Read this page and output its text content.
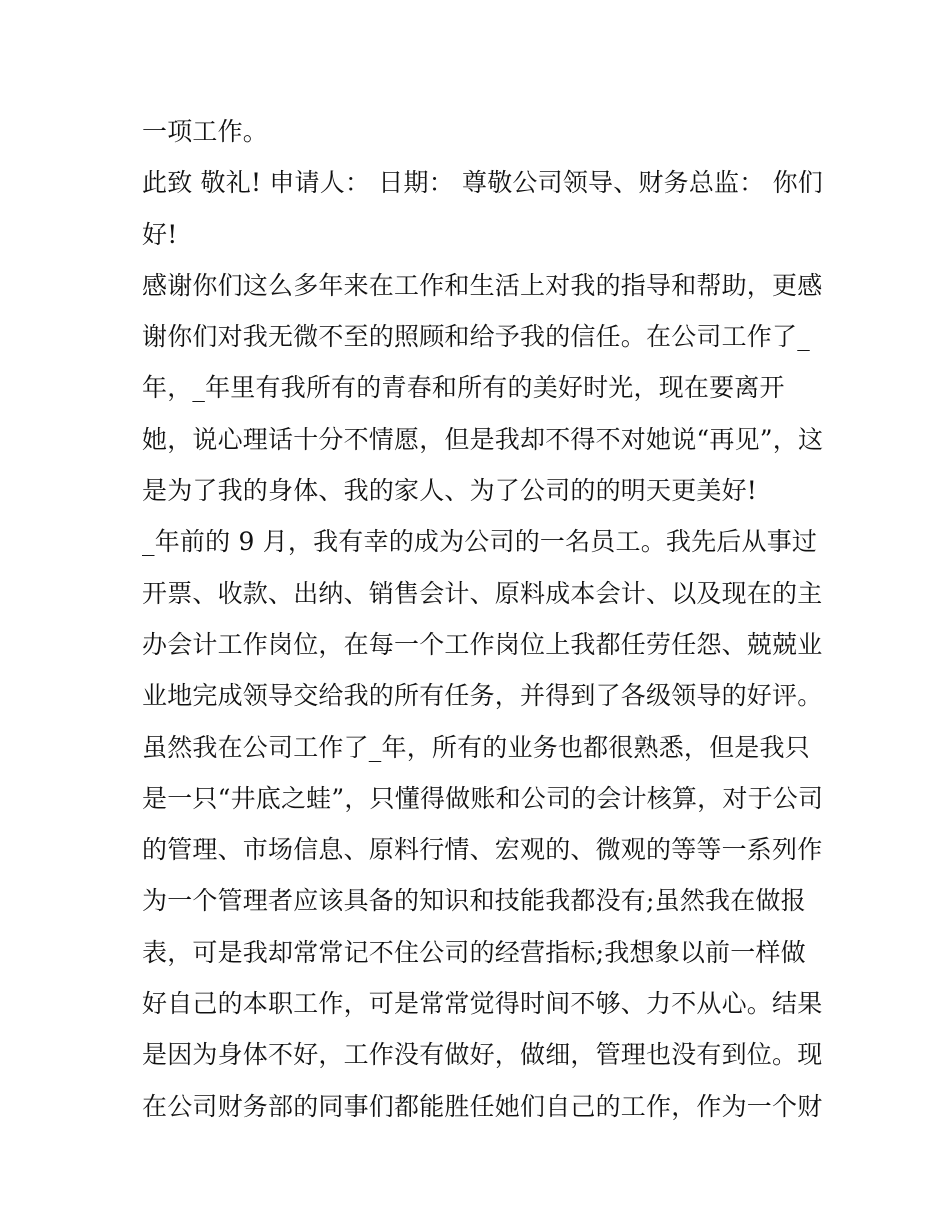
一项工作。
此致 敬礼! 申请人： 日期： 尊敬公司领导、财务总监： 你们
好!
感谢你们这么多年来在工作和生活上对我的指导和帮助，更感
谢你们对我无微不至的照顾和给予我的信任。在公司工作了_
年，_年里有我所有的青春和所有的美好时光，现在要离开
她，说心理话十分不情愿，但是我却不得不对她说“再见”，这
是为了我的身体、我的家人、为了公司的的明天更美好!
_年前的 9 月，我有幸的成为公司的一名员工。我先后从事过
开票、收款、出纳、销售会计、原料成本会计、以及现在的主
办会计工作岗位，在每一个工作岗位上我都任劳任怨、兢兢业
业地完成领导交给我的所有任务，并得到了各级领导的好评。
虽然我在公司工作了_年，所有的业务也都很熟悉，但是我只
是一只“井底之蛙”，只懂得做账和公司的会计核算，对于公司
的管理、市场信息、原料行情、宏观的、微观的等等一系列作
为一个管理者应该具备的知识和技能我都没有;虽然我在做报
表，可是我却常常记不住公司的经营指标;我想象以前一样做
好自己的本职工作，可是常常觉得时间不够、力不从心。结果
是因为身体不好，工作没有做好，做细，管理也没有到位。现
在公司财务部的同事们都能胜任她们自己的工作，作为一个财
